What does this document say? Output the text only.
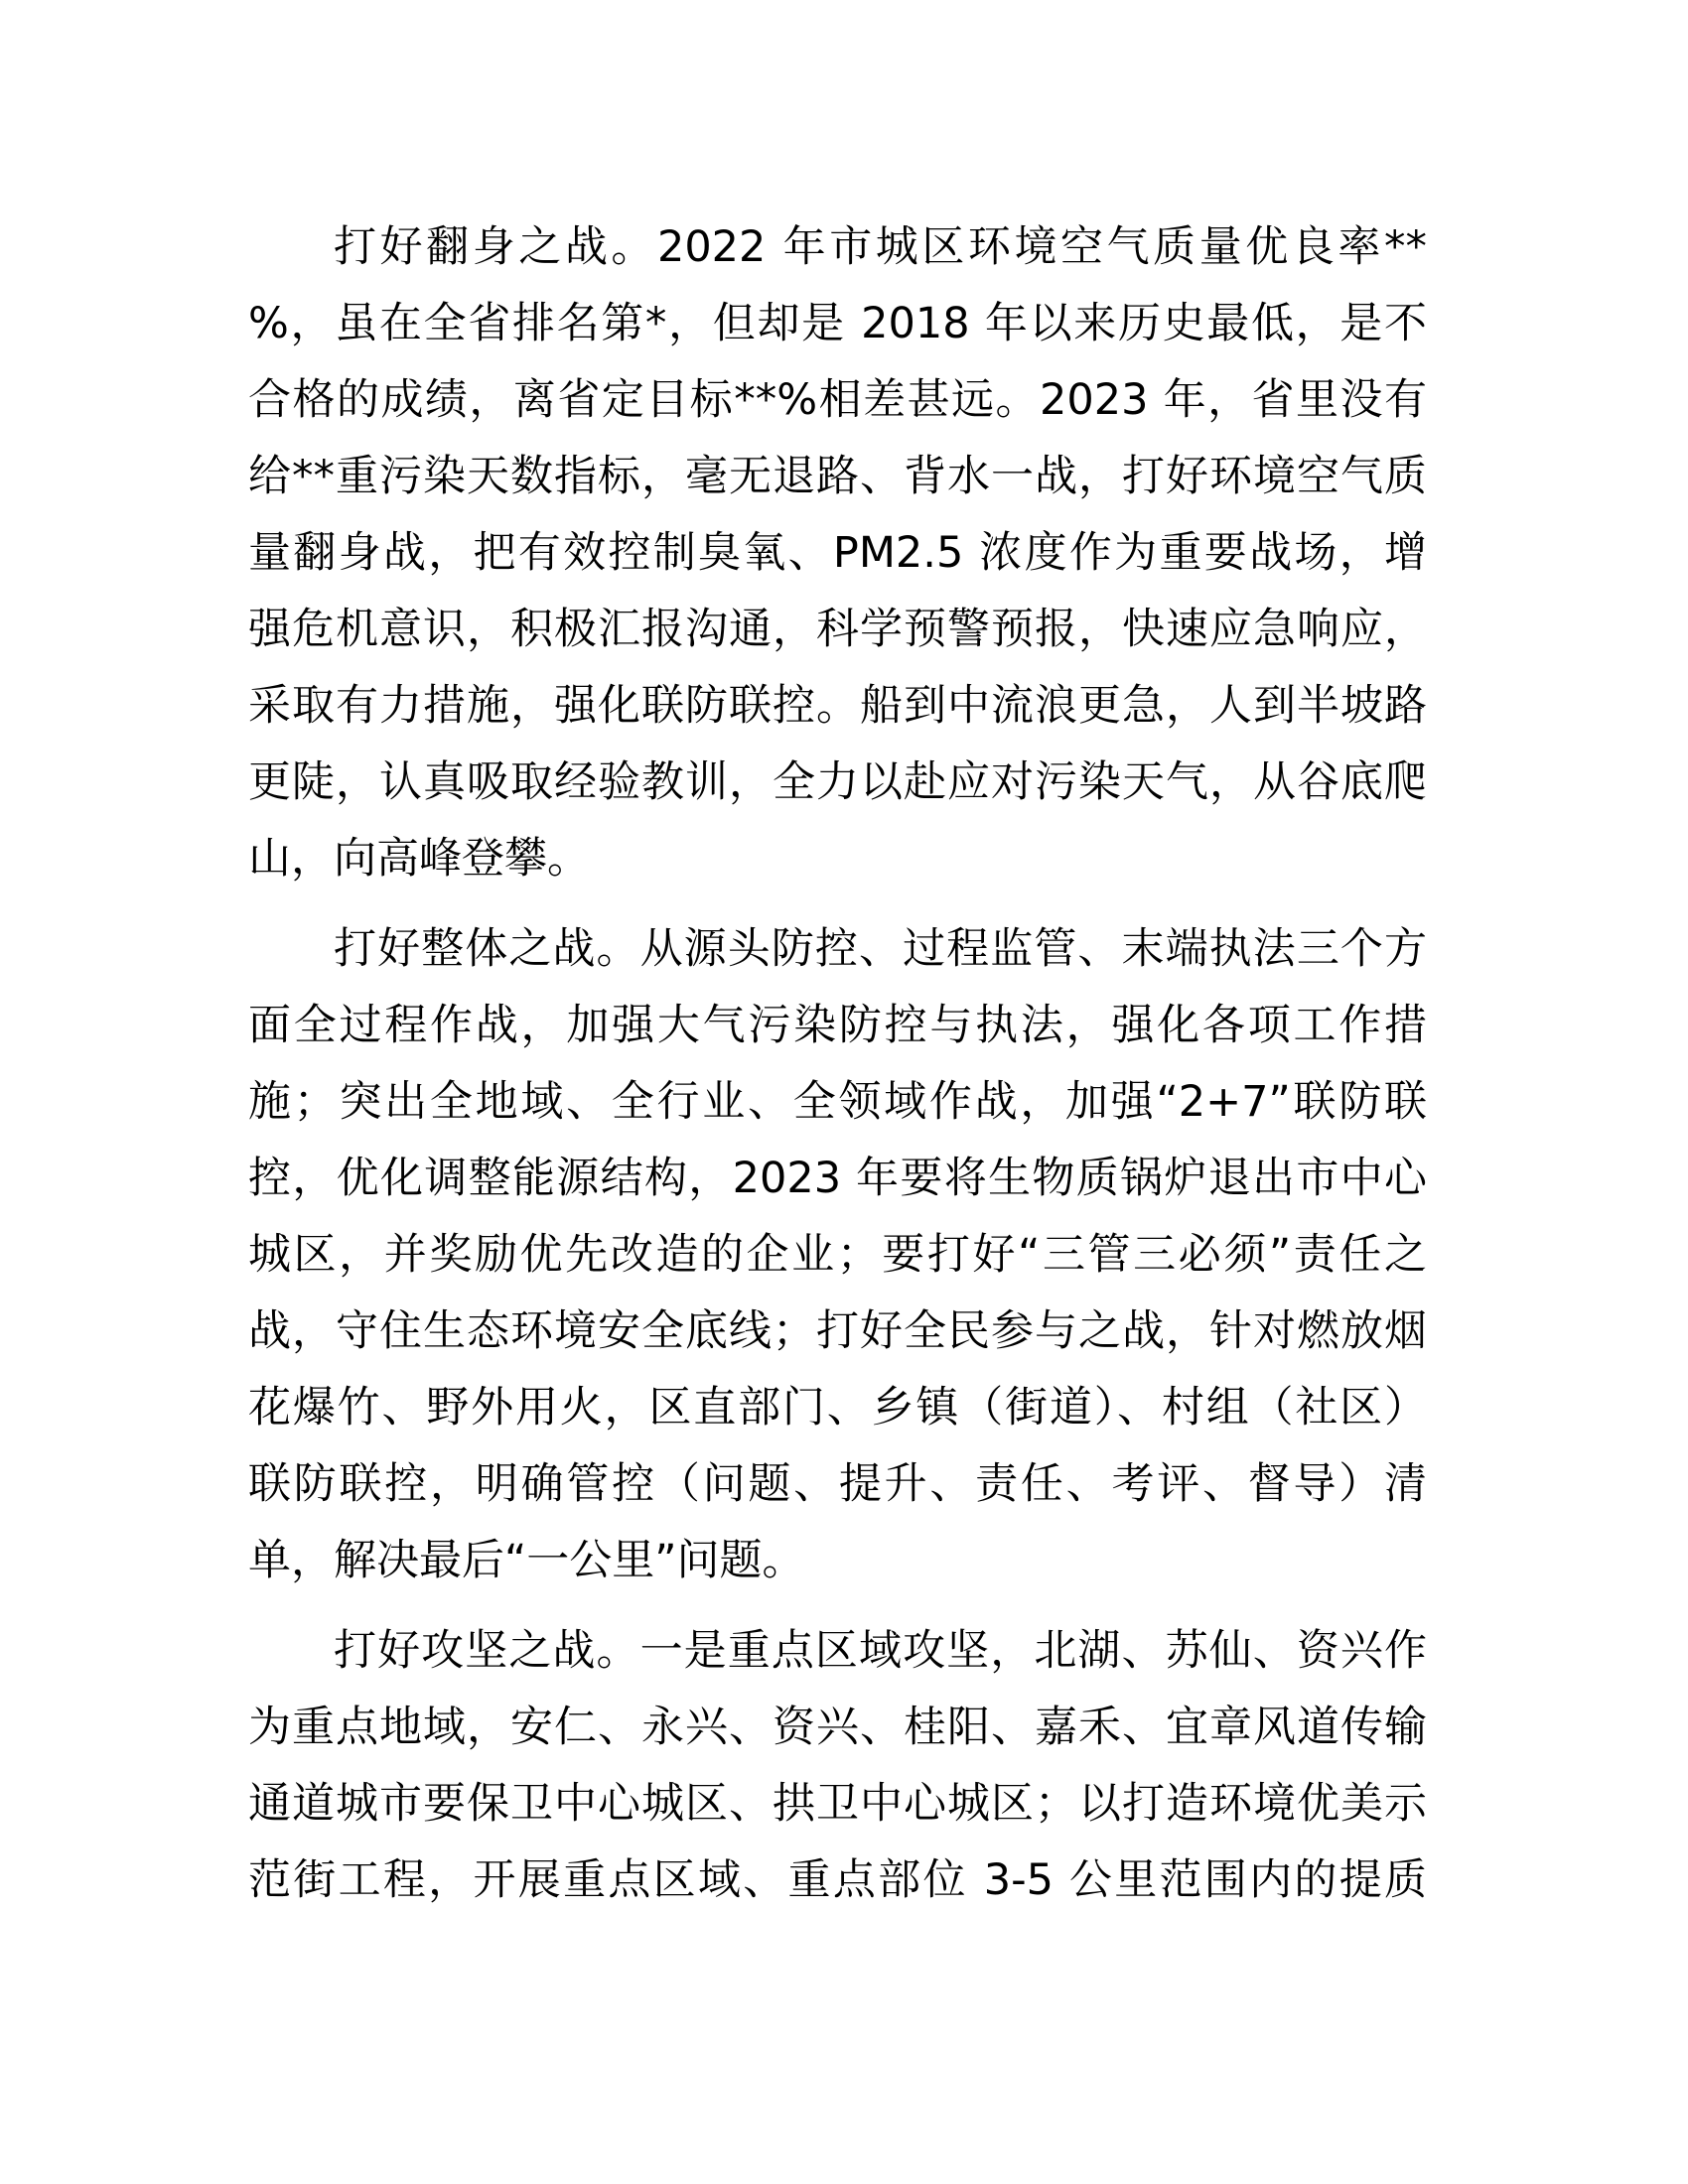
打好翻身之战。2022 年市城区环境空气质量优良率**
%，虽在全省排名第*，但却是 2018 年以来历史最低，是不
合格的成绩，离省定目标**%相差甚远。2023 年，省里没有
给**重污染天数指标，毫无退路、背水一战，打好环境空气质
量翻身战，把有效控制臭氧、PM2.5 浓度作为重要战场，增
强危机意识，积极汇报沟通，科学预警预报，快速应急响应，
采取有力措施，强化联防联控。船到中流浪更急，人到半坡路
更陡，认真吸取经验教训，全力以赴应对污染天气，从谷底爬
山，向高峰登攀。
打好整体之战。从源头防控、过程监管、末端执法三个方
面全过程作战，加强大气污染防控与执法，强化各项工作措
施；突出全地域、全行业、全领域作战，加强“2+7”联防联
控，优化调整能源结构，2023 年要将生物质锅炉退出市中心
城区，并奖励优先改造的企业；要打好“三管三必须”责任之
战，守住生态环境安全底线；打好全民参与之战，针对燃放烟
花爆竹、野外用火，区直部门、乡镇（街道）、村组（社区）
联防联控，明确管控（问题、提升、责任、考评、督导）清
单，解决最后“一公里”问题。
打好攻坚之战。一是重点区域攻坚，北湖、苏仙、资兴作
为重点地域，安仁、永兴、资兴、桂阳、嘉禾、宜章风道传输
通道城市要保卫中心城区、拱卫中心城区；以打造环境优美示
范街工程，开展重点区域、重点部位 3-5 公里范围内的提质
